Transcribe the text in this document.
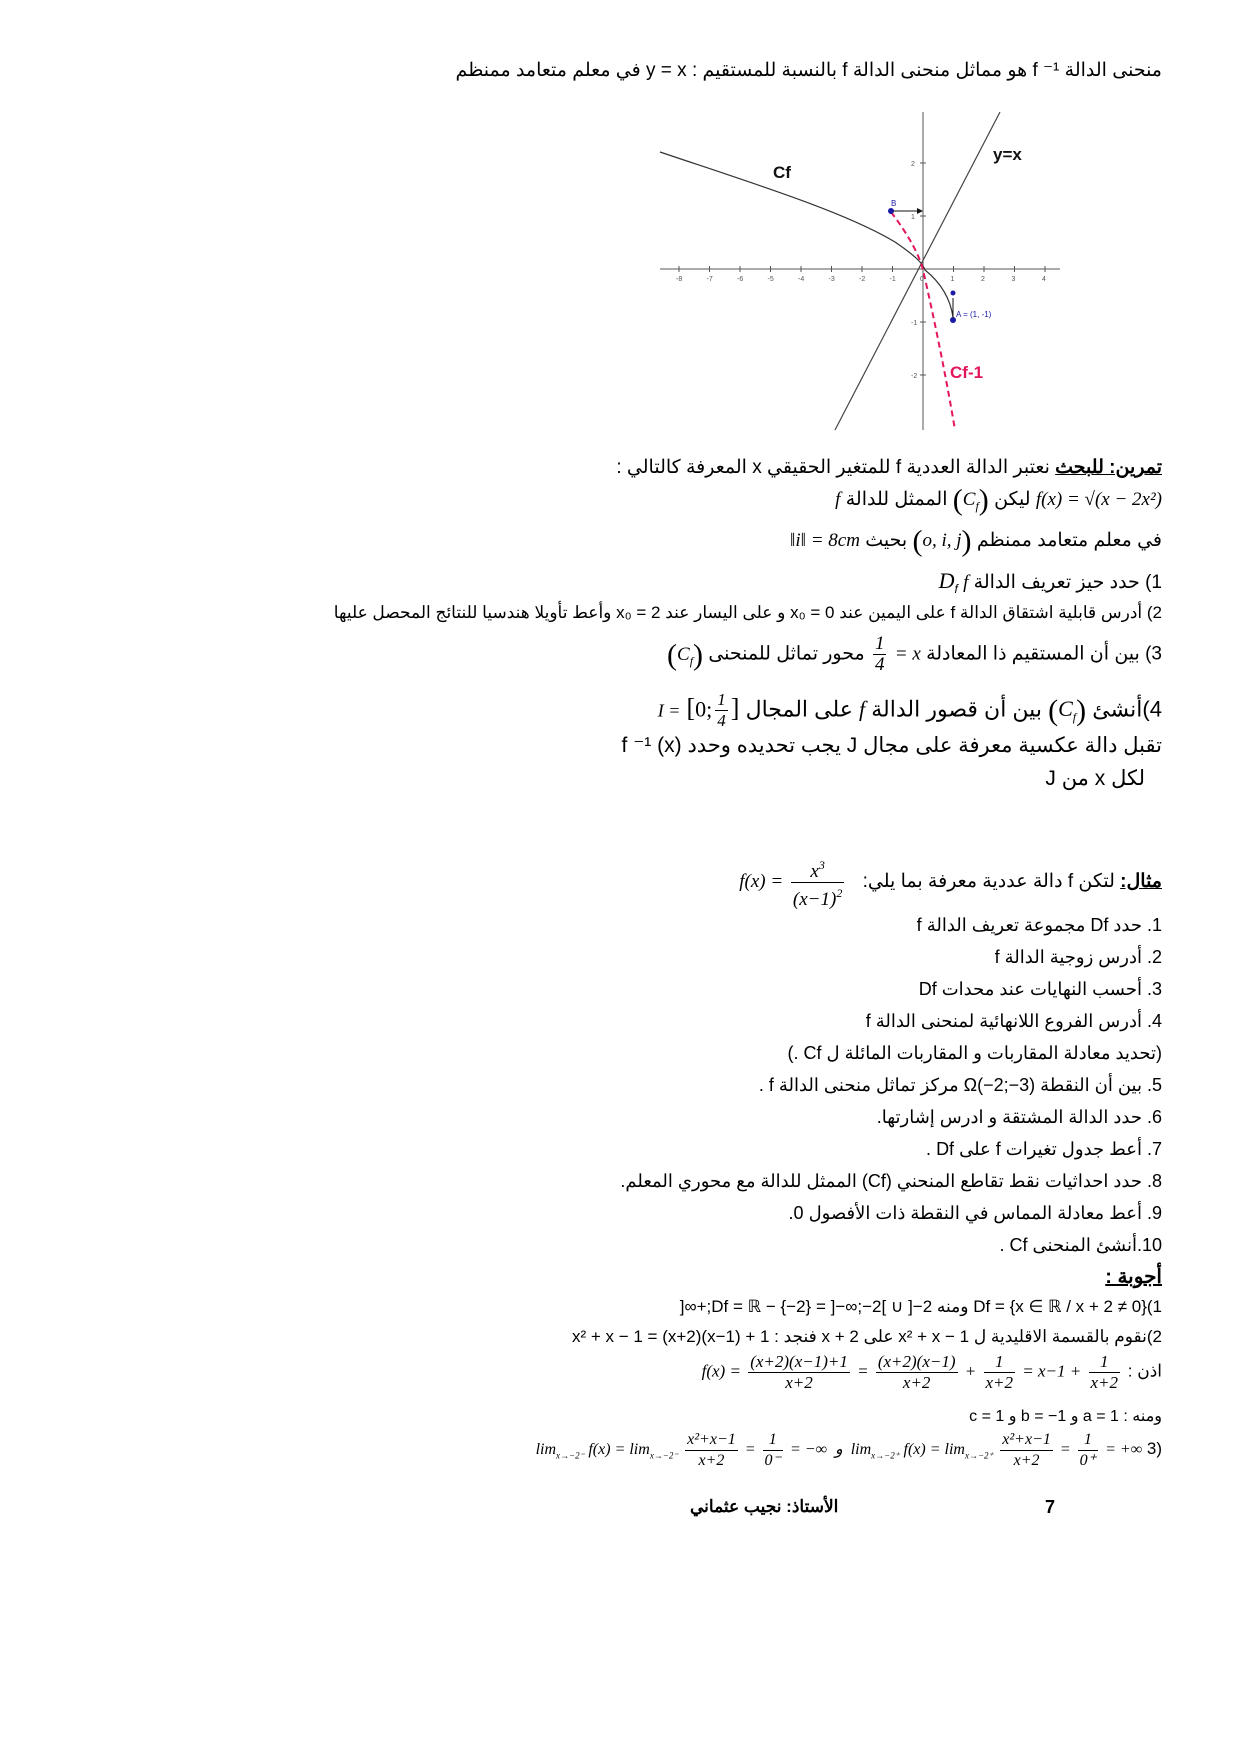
منحنى الدالة f ⁻¹ هو مماثل منحنى الدالة f بالنسبة للمستقيم : y = x في معلم متعامد ممنظم
-8	-7	-6	-5	-4	-3	-2	-1	0	1	2	3	4
2
1
-1
-2
B
A = (1, -1)
Cf
y=x
Cf-1
تمرين: للبحث نعتبر الدالة العددية f للمتغير الحقيقي x المعرفة كالتالي :
f(x) = √(x − 2x²) ليكن $(C_f)$ الممثل للدالة f
في معلم متعامد ممنظم (o, i, j) بحيث ‖i‖ = 8cm
1) حدد حيز تعريف الدالة $D_f$ f
2) أدرس قابلية اشتقاق الدالة f على اليمين عند x₀ = 0 و على اليسار عند 2 = x₀ وأعط تأويلا هندسيا للنتائج المحصل عليها
3) بين أن المستقيم ذا المعادلة x =
$\frac{1}{4}$
محور تماثل للمنحنى $(C_f)$
4)أنشئ $(C_f)$ بين أن قصور الدالة f على المجال I = [0; $\frac{1}{4}$ ]
تقبل دالة عكسية معرفة على مجال J يجب تحديده وحدد f ⁻¹ (x)
لكل x من J
مثال: لتكن f دالة عددية معرفة بما يلي: $f(x) = \frac{x^3}{(x-1)^2}$
1. حدد Df مجموعة تعريف الدالة f
2. أدرس زوجية الدالة f
3. أحسب النهايات عند محدات Df
4. أدرس الفروع اللانهائية لمنحنى الدالة f
(تحديد معادلة المقاربات و المقاربات المائلة ل Cf .)
5. بين أن النقطة Ω(−2;−3) مركز تماثل منحنى الدالة f .
6. حدد الدالة المشتقة و ادرس إشارتها.
7. أعط جدول تغيرات f على Df .
8. حدد احداثيات نقط تقاطع المنحني (Cf) الممثل للدالة مع محوري المعلم.
9. أعط معادلة المماس في النقطة ذات الأفصول 0.
10.أنشئ المنحنى Cf .
أجوبة :
Df = {x ∈ ℝ / x + 2 ≠ 0}(1 ومنه Df = ℝ − {−2} = ]−∞;−2[ ∪ ]−2;+∞[
2)نقوم بالقسمة الاقليدية ل x² + x − 1 على x + 2 فنجد : x² + x − 1 = (x+2)(x−1) + 1
اذن : $f(x) = \frac{(x+2)(x-1)+1}{x+2} = \frac{(x+2)(x-1)}{x+2} + \frac{1}{x+2} = x-1 + \frac{1}{x+2}$
ومنه : a = 1 و b = −1 و c = 1
(3 $\lim_{x\to-2^-} f(x) = \lim_{x\to-2^-} \frac{\text{x²+x−1}}{x+2} = \frac{1}{0^-}$ = −∞  و  $\lim_{x\to-2^+} f(x) = \lim_{x\to-2^+} \frac{\text{x²+x−1}}{x+2} = \frac{1}{0^+}$ = +∞
7
الأستاذ: نجيب عثماني
